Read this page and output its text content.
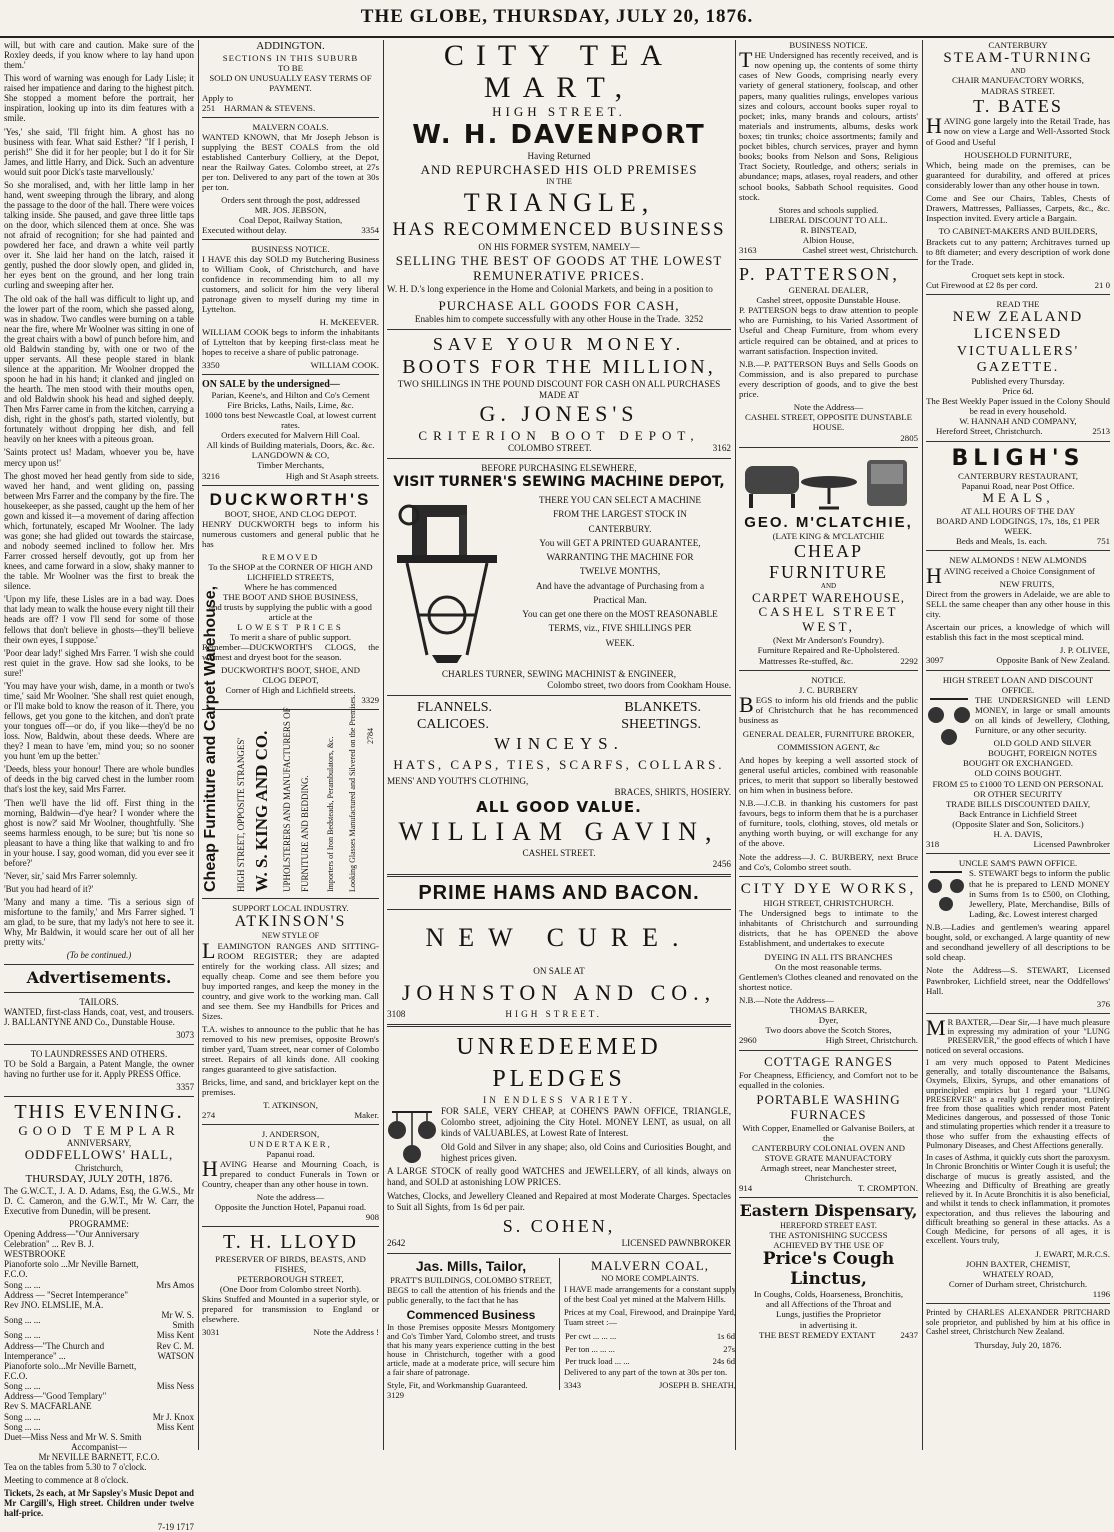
THE GLOBE, THURSDAY, JULY 20, 1876.

will, but with care and caution. Make sure of the Roxley deeds, if you know where to lay hand upon them.'

This word of warning was enough for Lady Lisle; it raised her impatience and daring to the highest pitch. She stopped a moment before the portrait, her inspiration, looking up into its dim features with a smile.

'Yes,' she said, 'I'll fright him. A ghost has no business with fear. What said Esther? "If I perish, I perish!" She did it for her people; but I do it for Sir James, and little Harry, and Dick. Such an adventure would suit poor Dick's taste marvellously.'

So she moralised, and, with her little lamp in her hand, went sweeping through the library, and along the passage to the door of the hall. There were voices talking inside. She paused, and gave three little taps on the door, which silenced them at once. She was not afraid of recognition; for she had painted and powdered her face, and drawn a white veil partly over it. She laid her hand on the latch, raised it gently, pushed the door slowly open, and glided in, her eyes bent on the ground, and her long train curling and sweeping after her.

The old oak of the hall was difficult to light up, and the lower part of the room, which she passed along, was in shadow. Two candles were burning on a table near the fire, where Mr Woolner was sitting in one of the great chairs with a bowl of punch before him, and old Baldwin standing by, with one or two of the upper servants. All these people stared in blank silence at the apparition. Mr Woolner dropped the spoon he had in his hand; it clanked and jingled on the hearth. The men stood with their mouths open, and old Baldwin shook his head and sighed deeply. Then Mrs Farrer came in from the kitchen, carrying a dish, right in the ghost's path, started violently, but fortunately without dropping her dish, and fell heavily on her knees with a piteous groan.

'Saints protect us! Madam, whoever you be, have mercy upon us!'

The ghost moved her head gently from side to side, waved her hand, and went gliding on, passing between Mrs Farrer and the company by the fire. The housekeeper, as she passed, caught up the hem of her gown and kissed it—a movement of daring affection which, fortunately, escaped Mr Woolner. The lady was gone; she had glided out towards the staircase, and nobody seemed inclined to follow her. Mrs Farrer crossed herself devoutly, got up from her knees, and came forward in a slow, shaky manner to the table. Mr Woolner was the first to break the silence.

'Upon my life, these Lisles are in a bad way. Does that lady mean to walk the house every night till their heads are off? I vow I'll send for some of those fellows that don't believe in ghosts—they'll believe their own eyes, I suppose.'

'Poor dear lady!' sighed Mrs Farrer. 'I wish she could rest quiet in the grave. How sad she looks, to be sure!'

'You may have your wish, dame, in a month or two's time,' said Mr Woolner. 'She shall rest quiet enough, or I'll make bold to know the reason of it. There, you fellows, get you gone to the kitchen, and don't prate your tongues off—or do, if you like—they'd be no loss. Now, Baldwin, about these deeds. Where are they? I mean to have 'em, mind you; so no sooner you hunt 'em up the better.'

'Deeds, bless your honour! There are whole bundles of deeds in the big carved chest in the lumber room that's lost the key, said Mrs Farrer.

'Then we'll have the lid off. First thing in the morning, Baldwin—d'ye hear? I wonder where the ghost is now?' said Mr Woolner, thoughtfully. 'She seems harmless enough, to be sure; but 'tis none so pleasant to have a thing like that walking to and fro in your house. I say, good woman, did you ever see it before?'

'Never, sir,' said Mrs Farrer solemnly.

'But you had heard of it?'

'Many and many a time. 'Tis a serious sign of misfortune to the family,' and Mrs Farrer sighed. 'I am glad, to be sure, that my lady's not here to see it. Why, Mr Baldwin, it would scare her out of all her pretty wits.'

(To be continued.)
Advertisements.
TAILORS.

WANTED, first-class Hands, coat, vest, and trousers. J. BALLANTYNE AND Co., Dunstable House.

3073
TO LAUNDRESSES AND OTHERS.

TO be Sold a Bargain, a Patent Mangle, the owner having no further use for it. Apply PRESS Office.

3357
THIS EVENING.
GOOD TEMPLAR
ANNIVERSARY,
ODDFELLOWS' HALL,
Christchurch,
THURSDAY, JULY 20TH, 1876.

The G.W.C.T., J. A. D. Adams, Esq, the G.W.S., Mr D. C. Cameron, and the G.W.T., Mr W. Carr, the Executive from Dunedin, will be present.

PROGRAMME:
Opening Address—"Our Anniversary Celebration" ... Rev B. J. WESTBROOKE	
Pianoforte solo ...Mr Neville Barnett, F.C.O.	
Song ... ...	Mrs Amos
Address — "Secret Intemperance"	
Rev JNO. ELMSLIE, M.A.	
Song ... ...	Mr W. S. Smith
Song ... ...	Miss Kent
Address—"The Church and Intemperance" ...	Rev C. M. WATSON
Pianoforte solo...Mr Neville Barnett, F.C.O.	
Song ... ...	Miss Ness
Address—"Good Templary"	
Rev S. MACFARLANE	
Song ... ...	Mr J. Knox
Song ... ...	Miss Kent
Duet—Miss Ness and Mr W. S. Smith	
Accompanist—
Mr NEVILLE BARNETT, F.C.O.

Tea on the tables from 5.30 to 7 o'clock.

Meeting to commence at 8 o'clock.

Tickets, 2s each, at Mr Sapsley's Music Depot and Mr Cargill's, High street. Children under twelve half-price.

7-19 1717
ADDINGTON.
SECTIONS IN THIS SUBURB
TO BE
SOLD ON UNUSUALLY EASY TERMS OF PAYMENT.
Apply to
251 HARMAN & STEVENS.
MALVERN COALS.

WANTED KNOWN, that Mr Joseph Jebson is supplying the BEST COALS from the old established Canterbury Colliery, at the Depot, near the Railway Gates. Colombo street, at 27s per ton. Delivered to any part of the town at 30s per ton.

Orders sent through the post, addressed
MR. JOS. JEBSON,
Coal Depot, Railway Station,
Executed without delay.	3354
BUSINESS NOTICE.

I HAVE this day SOLD my Butchering Business to William Cook, of Christchurch, and have confidence in recommending him to all my customers, and solicit for him the very liberal patronage given to myself during my time in Lyttelton.

H. McKEEVER.

WILLIAM COOK begs to inform the inhabitants of Lyttelton that by keeping first-class meat he hopes to receive a share of public patronage.

3350	WILLIAM COOK.
ON SALE by the undersigned—
Parian, Keene's, and Hilton and Co's Cement
Fire Bricks, Laths, Nails, Lime, &c.
1000 tons best Newcastle Coal, at lowest current rates.
Orders executed for Malvern Hill Coal.
All kinds of Building materials, Doors, &c. &c.
LANGDOWN & CO,
Timber Merchants,
3216	High and St Asaph streets.
DUCKWORTH'S
BOOT, SHOE, AND CLOG DEPOT.

HENRY DUCKWORTH begs to inform his numerous customers and general public that he has

REMOVED
To the SHOP at the CORNER OF HIGH AND LICHFIELD STREETS,
Where he has commenced
THE BOOT AND SHOE BUSINESS,
and trusts by supplying the public with a good article at the
LOWEST PRICES
To merit a share of public support.

Remember—DUCKWORTH'S CLOGS, the warmest and dryest boot for the season.

DUCKWORTH'S BOOT, SHOE, AND
CLOG DEPOT,
Corner of High and Lichfield streets.
3329
Cheap Furniture and Carpet Warehouse, HIGH STREET, OPPOSITE STRANGES' W. S. KING AND CO. UPHOLSTERERS AND MANUFACTURERS OF FURNITURE AND BEDDING. Importers of Iron Bedsteads, Perambulators, &c. Looking Glasses Manufactured and Silvered on the Premises. 2784
SUPPORT LOCAL INDUSTRY.
ATKINSON'S
NEW STYLE OF

LEAMINGTON RANGES AND SITTING-ROOM REGISTER; they are adapted entirely for the working class. All sizes; and equally cheap. Come and see them before you buy imported ranges, and keep the money in the country, and give work to the working man. Call and see them. See my Handbills for Prices and Sizes.

T.A. wishes to announce to the public that he has removed to his new premises, opposite Brown's timber yard, Tuam street, near corner of Colombo street. Repairs of all kinds done. All cooking ranges guaranteed to give satisfaction.

Bricks, lime, and sand, and bricklayer kept on the premises.

T. ATKINSON,
274	Maker.
J. ANDERSON,
UNDERTAKER,
Papanui road.

HAVING Hearse and Mourning Coach, is prepared to conduct Funerals in Town or Country, cheaper than any other house in town.

Note the address—
Opposite the Junction Hotel, Papanui road.
908
T. H. LLOYD
PRESERVER OF BIRDS, BEASTS, AND FISHES,
PETERBOROUGH STREET,
(One Door from Colombo street North).

Skins Stuffed and Mounted in a superior style, or prepared for transmission to England or elsewhere.

3031	Note the Address !
CITY TEA MART,
HIGH STREET.
W. H. DAVENPORT
Having Returned
AND REPURCHASED HIS OLD PREMISES
IN THE
TRIANGLE,
HAS RECOMMENCED BUSINESS
ON HIS FORMER SYSTEM, NAMELY—
SELLING THE BEST OF GOODS AT THE LOWEST
REMUNERATIVE PRICES.

W. H. D.'s long experience in the Home and Colonial Markets, and being in a position to

PURCHASE ALL GOODS FOR CASH,
Enables him to compete successfully with any other House in the Trade. 3252
SAVE YOUR MONEY.
BOOTS FOR THE MILLION,
TWO SHILLINGS IN THE POUND DISCOUNT FOR CASH ON ALL PURCHASES MADE AT
G. JONES'S
CRITERION BOOT DEPOT,
COLOMBO STREET.	3162
BEFORE PURCHASING ELSEWHERE,
VISIT TURNER'S SEWING MACHINE DEPOT,
THERE YOU CAN SELECT A MACHINE
FROM THE LARGEST STOCK IN
CANTERBURY.
You will GET A PRINTED GUARANTEE,
WARRANTING THE MACHINE FOR
TWELVE MONTHS,
And have the advantage of Purchasing from a
Practical Man.
You can get one there on the MOST REASONABLE
TERMS, viz., FIVE SHILLINGS PER
WEEK.
CHARLES TURNER, SEWING MACHINIST & ENGINEER,
Colombo street, two doors from Cookham House.
FLANNELS.	BLANKETS.
CALICOES.	SHEETINGS.
WINCEYS.
HATS, CAPS, TIES, SCARFS, COLLARS.
MENS' AND YOUTH'S CLOTHING,
BRACES, SHIRTS, HOSIERY.
ALL GOOD VALUE.
WILLIAM GAVIN,
CASHEL STREET.
2456
PRIME HAMS AND BACON.
NEW CURE.
ON SALE AT
JOHNSTON AND CO.,
3108	HIGH STREET.
UNREDEEMED PLEDGES
IN ENDLESS VARIETY.

FOR SALE, VERY CHEAP, at COHEN'S PAWN OFFICE, TRIANGLE, Colombo street, adjoining the City Hotel. MONEY LENT, as usual, on all kinds of VALUABLES, at Lowest Rate of Interest.

Old Gold and Silver in any shape; also, old Coins and Curiosities Bought, and highest prices given.

A LARGE STOCK of really good WATCHES and JEWELLERY, of all kinds, always on hand, and SOLD at astonishing LOW PRICES.

Watches, Clocks, and Jewellery Cleaned and Repaired at most Moderate Charges. Spectacles to Suit all Sights, from 1s 6d per pair.

S. COHEN,
2642	LICENSED PAWNBROKER
Jas. Mills, Tailor,
PRATT'S BUILDINGS, COLOMBO STREET,

BEGS to call the attention of his friends and the public generally, to the fact that he has

Commenced Business

In those Premises opposite Messrs Montgomery and Co's Timber Yard, Colombo street, and trusts that his many years experience cutting in the best house in Christchurch, together with a good article, made at a moderate price, will secure him a fair share of patronage.

Style, Fit, and Workmanship Guaranteed.
3129
MALVERN COAL,
NO MORE COMPLAINTS.

I HAVE made arrangements for a constant supply of the best Coal yet mined at the Malvern Hills.

Prices at my Coal, Firewood, and Drainpipe Yard, Tuam street :—

Per cwt ... ... ...	1s 6d
Per ton ... ... ...	27s
Per truck load ... ...	24s 6d

Delivered to any part of the town at 30s per ton.

3343	JOSEPH B. SHEATH,
BUSINESS NOTICE.

THE Undersigned has recently received, and is now opening up, the contents of some thirty cases of New Goods, comprising nearly every variety of general stationery, foolscap, and other papers, many qualities rulings, envelopes various sizes and colours, account books super royal to pocket; inks, many brands and colours, artists' materials and instruments, albums, desks work boxes; tin trunks; choice assortments; family and pocket bibles, church services, prayer and hymn books; books from Nelson and Sons, Religious Tract Society, Routledge, and others; serials in abundance; maps, atlases, royal readers, and other school books, Sabbath School requisites. Good stock.

Stores and schools supplied.
LIBERAL DISCOUNT TO ALL.
R. BINSTEAD,
Albion House,
3163	Cashel street west, Christchurch.
P. PATTERSON,
GENERAL DEALER,
Cashel street, opposite Dunstable House.

P. PATTERSON begs to draw attention to people who are Furnishing, to his Varied Assortment of Useful and Cheap Furniture, from whom every article required can be obtained, and at prices to warrant satisfaction. Inspection invited.

N.B.—P. PATTERSON Buys and Sells Goods on Commission, and is also prepared to purchase every description of goods, and to give the best price.

Note the Address—
CASHEL STREET, OPPOSITE DUNSTABLE HOUSE.
2805
GEO. M'CLATCHIE,
(LATE KING & M'CLATCHIE
CHEAP FURNITURE
AND
CARPET WAREHOUSE,
CASHEL STREET WEST,
(Next Mr Anderson's Foundry).
Furniture Repaired and Re-Upholstered.
Mattresses Re-stuffed, &c.	2292
NOTICE.
J. C. BURBERY

BEGS to inform his old friends and the public of Christchurch that he has recommenced business as

GENERAL DEALER, FURNITURE BROKER, COMMISSION AGENT, &c

And hopes by keeping a well assorted stock of general useful articles, combined with reasonable prices, to merit that support so liberally bestowed on him when in business before.

N.B.—J.C.B. in thanking his customers for past favours, begs to inform them that he is a purchaser of furniture, tools, clothing, stoves, old metals or anything worth buying, or will exchange for any of the above.

Note the address—J. C. BURBERY, next Bruce and Co's, Colombo street south.

CITY DYE WORKS,
HIGH STREET, CHRISTCHURCH.

The Undersigned begs to intimate to the inhabitants of Christchurch and surrounding districts, that he has OPENED the above Establishment, and undertakes to execute

DYEING IN ALL ITS BRANCHES
On the most reasonable terms.

Gentlemen's Clothes cleaned and renovated on the shortest notice.

N.B.—Note the Address—
THOMAS BARKER,
Dyer,
Two doors above the Scotch Stores,
2960	High Street, Christchurch.
COTTAGE RANGES

For Cheapness, Efficiency, and Comfort not to be equalled in the colonies.

PORTABLE WASHING
FURNACES
With Copper, Enamelled or Galvanise Boilers, at the
CANTERBURY COLONIAL OVEN AND STOVE GRATE MANUFACTORY
Armagh street, near Manchester street, Christchurch.
914	T. CROMPTON.
Eastern Dispensary,
HEREFORD STREET EAST.
THE ASTONISHING SUCCESS
ACHIEVED BY THE USE OF
Price's Cough Linctus,
In Coughs, Colds, Hoarseness, Bronchitis,
and all Affections of the Throat and
Lungs, justifies the Proprietor
in advertising it.
THE BEST REMEDY EXTANT	2437
CANTERBURY
STEAM-TURNING
AND
CHAIR MANUFACTORY WORKS,
MADRAS STREET.
T. BATES

HAVING gone largely into the Retail Trade, has now on view a Large and Well-Assorted Stock of Good and Useful

HOUSEHOLD FURNITURE,

Which, being made on the premises, can be guaranteed for durability, and offered at prices considerably lower than any other house in town.

Come and See our Chairs, Tables, Chests of Drawers, Mattresses, Palliasses, Carpets, &c., &c. Inspection invited. Every article a Bargain.

TO CABINET-MAKERS AND BUILDERS,

Brackets cut to any pattern; Architraves turned up to 8ft diameter; and every description of work done for the Trade.

Croquet sets kept in stock.
Cut Firewood at £2 8s per cord.	21 0
READ THE
NEW ZEALAND LICENSED
VICTUALLERS' GAZETTE.
Published every Thursday.
Price 6d.
The Best Weekly Paper issued in the Colony Should be read in every household.
W. HANNAH AND COMPANY,
Hereford Street, Christchurch.	2513
BLIGH'S
CANTERBURY RESTAURANT,
Papanui Road, near Post Office.
MEALS,
AT ALL HOURS OF THE DAY
BOARD AND LODGINGS, 17s, 18s, £1 PER WEEK.
Beds and Meals, 1s. each.	751
NEW ALMONDS ! NEW ALMONDS

HAVING received a Choice Consignment of

NEW FRUITS,

Direct from the growers in Adelaide, we are able to SELL the same cheaper than any other house in this city.

Ascertain our prices, a knowledge of which will establish this fact in the most sceptical mind.

J. P. OLIVEE,
3097	Opposite Bank of New Zealand.
HIGH STREET LOAN AND DISCOUNT OFFICE.

THE UNDERSIGNED will LEND MONEY, in large or small amounts on all kinds of Jewellery, Clothing, Furniture, or any other security.

OLD GOLD AND SILVER BOUGHT, FOREIGN NOTES BOUGHT OR EXCHANGED.
OLD COINS BOUGHT.
FROM £5 to £1000 TO LEND ON PERSONAL OR OTHER SECURITY
TRADE BILLS DISCOUNTED DAILY,
Back Entrance in Lichfield Street
(Opposite Slater and Son, Solicitors.)
H. A. DAVIS,
318	Licensed Pawnbroker
UNCLE SAM'S PAWN OFFICE.

S. STEWART begs to inform the public that he is prepared to LEND MONEY in Sums from 1s to £500, on Clothing, Jewellery, Plate, Merchandise, Bills of Lading, &c. Lowest interest charged

N.B.—Ladies and gentlemen's wearing apparel bought, sold, or exchanged. A large quantity of new and secondhand jewellery of all descriptions to be sold cheap.

Note the Address—S. STEWART, Licensed Pawnbroker, Lichfield street, near the Oddfellows' Hall.

376

MR BAXTER,—Dear Sir,—I have much pleasure in expressing my admiration of your "LUNG PRESERVER," the good effects of which I have noticed on several occasions.

I am very much opposed to Patent Medicines generally, and totally discountenance the Balsams, Oxymels, Elixirs, Syrups, and other emanations of unprincipled empirics but I regard your "LUNG PRESERVER" as a really good preparation, entirely free from those qualities which render most Patent Medicines dangerous, and possessed of those Tonic and stimulating properties which render it a treasure to those who suffer from the exhausting effects of Pulmonary Diseases, and Chest Affections generally.

In cases of Asthma, it quickly cuts short the paroxysm. In Chronic Bronchitis or Winter Cough it is useful; the discharge of mucus is greatly assisted, and the Wheezing and Difficulty of Breathing are greatly relieved by it. In Acute Bronchitis it is also beneficial, and whilst it tends to check inflammation, it promotes expectoration, and thus relieves the labouring and difficult breathing so general in these attacks. As a Cough Medicine, for persons of all ages, it is excellent. Yours truly,

J. EWART, M.R.C.S.
JOHN BAXTER, CHEMIST,
WHATELY ROAD,
Corner of Durham street, Christchurch.
1196

Printed by CHARLES ALEXANDER PRITCHARD sole proprietor, and published by him at his office in Cashel street, Christchurch New Zealand.

Thursday, July 20, 1876.
